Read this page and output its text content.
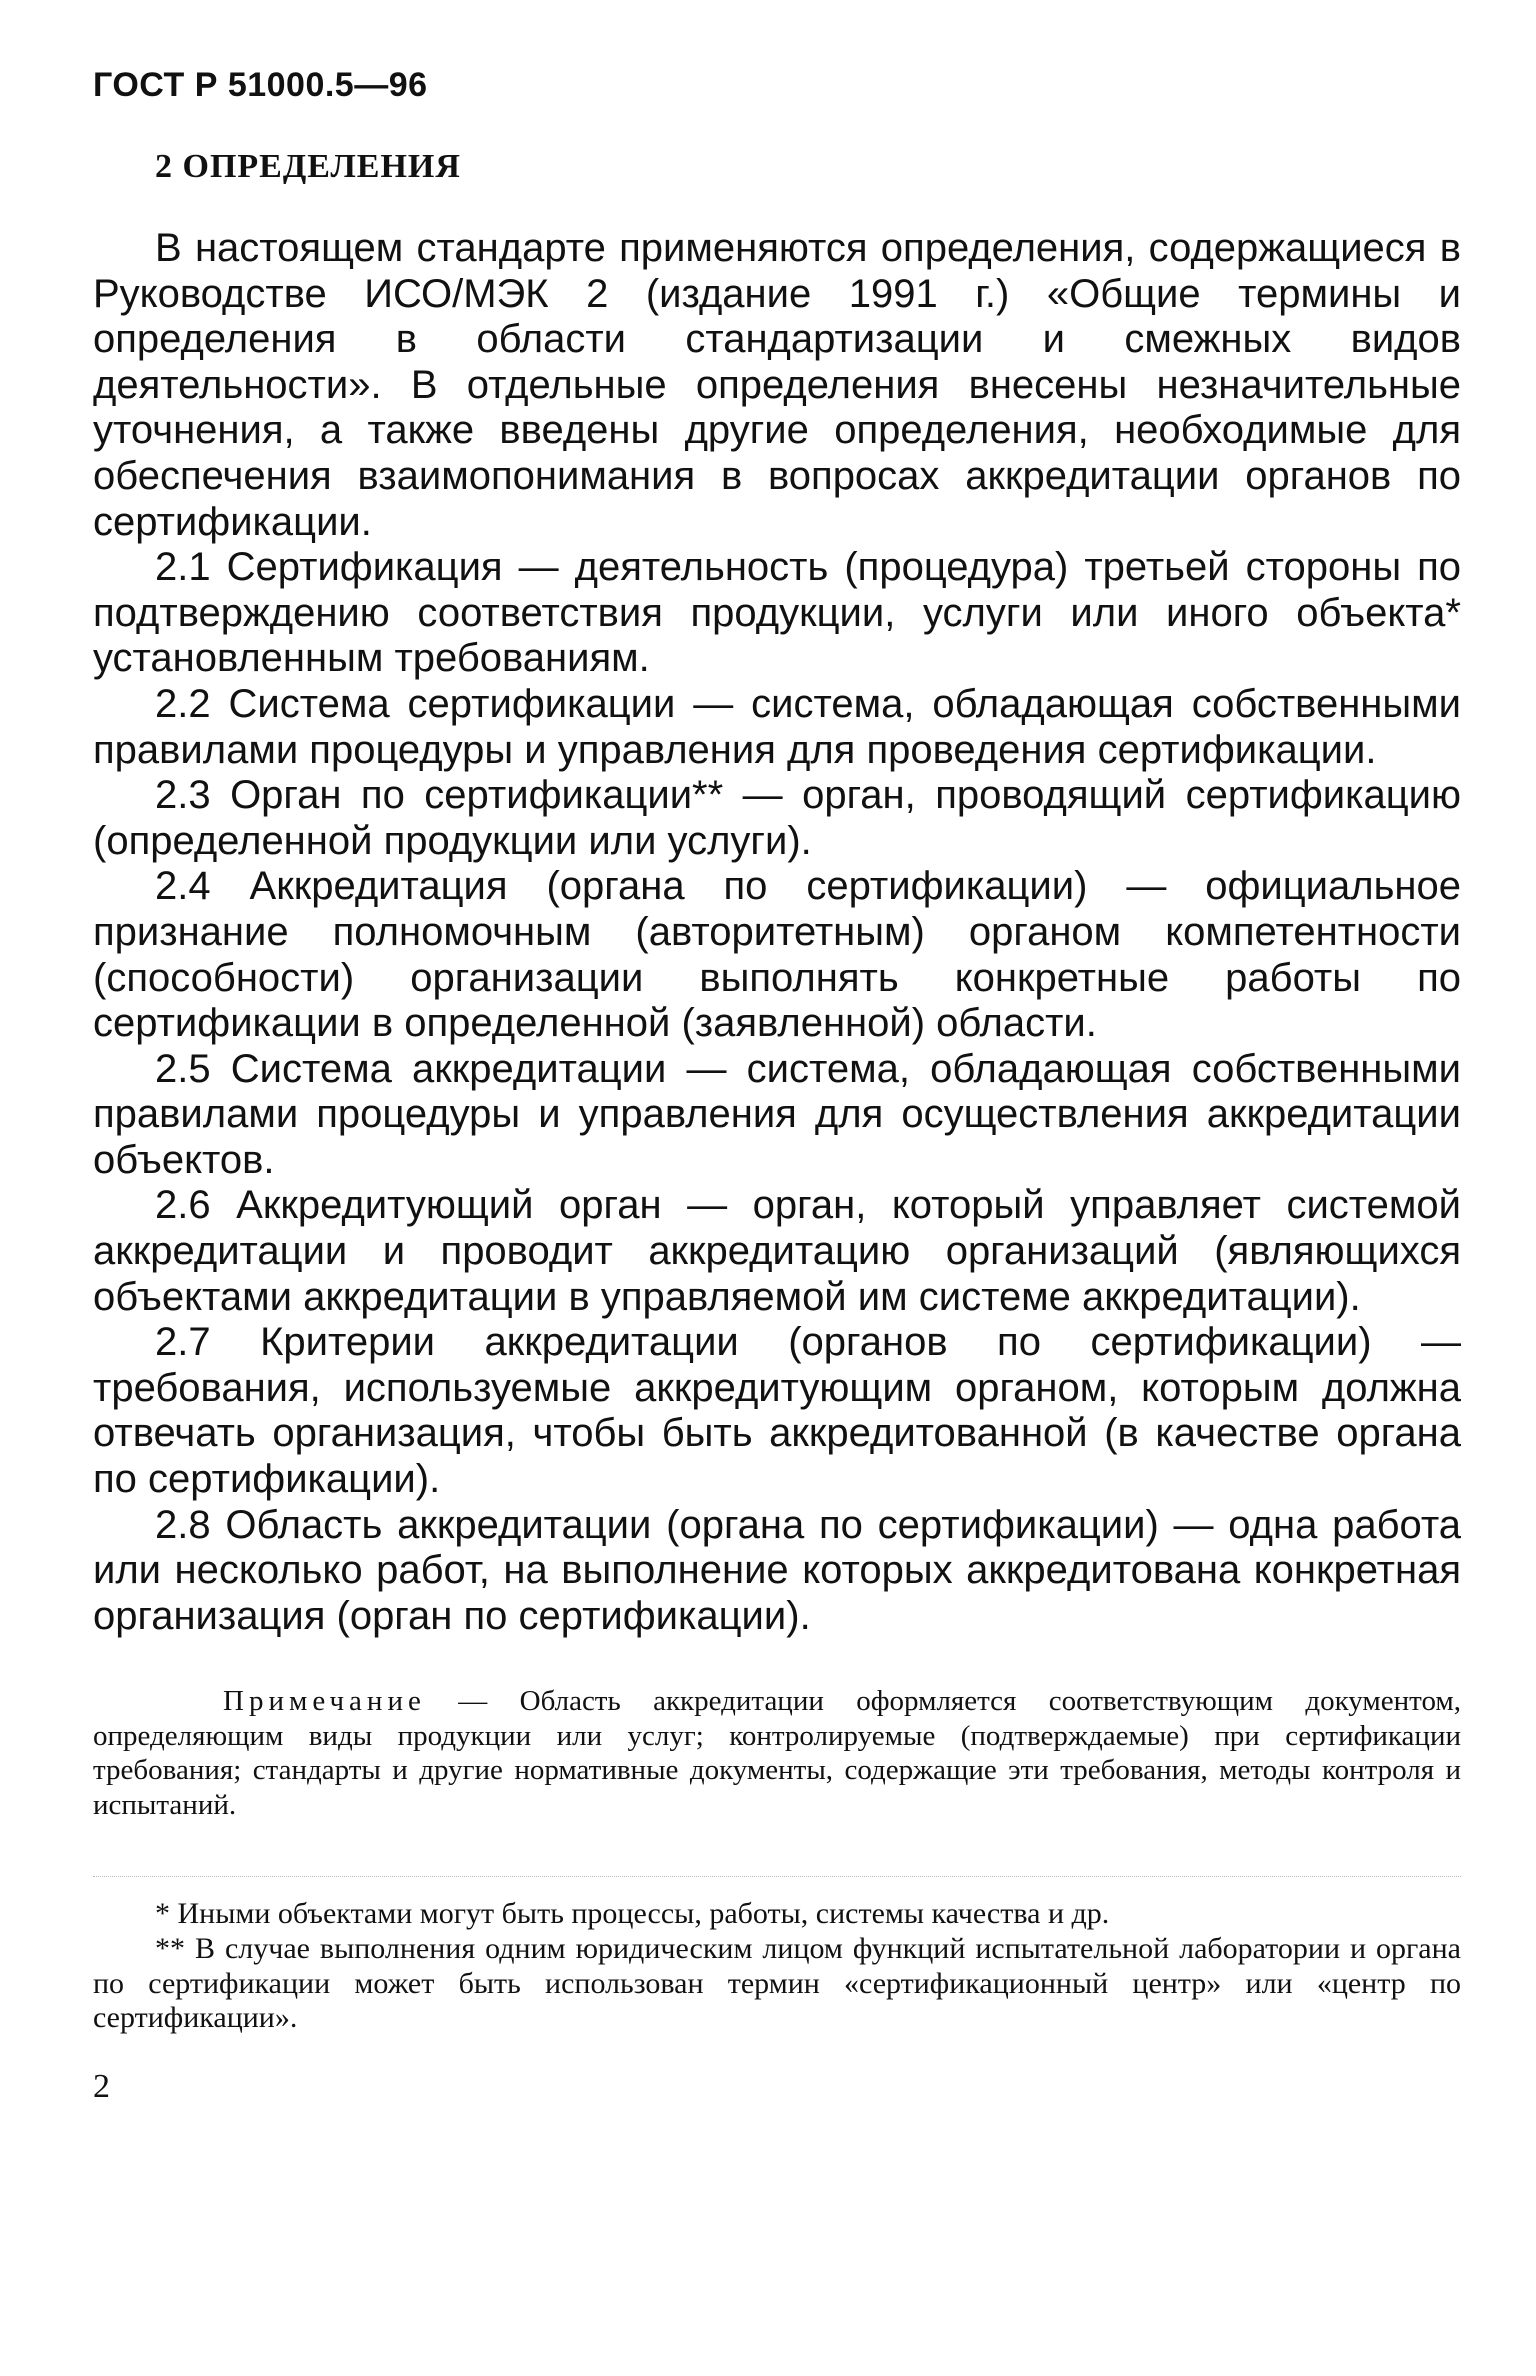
ГОСТ Р 51000.5—96
2 ОПРЕДЕЛЕНИЯ

В настоящем стандарте применяются определения, содержащиеся в Руководстве ИСО/МЭК 2 (издание 1991 г.) «Общие термины и определения в области стандартизации и смежных видов деятельности». В отдельные определения внесены незначительные уточнения, а также введены другие определения, необходимые для обеспечения взаимопонимания в вопросах аккредитации органов по сертификации.

2.1 Сертификация — деятельность (процедура) третьей стороны по подтверждению соответствия продукции, услуги или иного объекта* установленным требованиям.

2.2 Система сертификации — система, обладающая собственными правилами процедуры и управления для проведения сертификации.

2.3 Орган по сертификации** — орган, проводящий сертификацию (определенной продукции или услуги).

2.4 Аккредитация (органа по сертификации) — официальное признание полномочным (авторитетным) органом компетентности (способности) организации выполнять конкретные работы по сертификации в определенной (заявленной) области.

2.5 Система аккредитации — система, обладающая собственными правилами процедуры и управления для осуществления аккредитации объектов.

2.6 Аккредитующий орган — орган, который управляет системой аккредитации и проводит аккредитацию организаций (являющихся объектами аккредитации в управляемой им системе аккредитации).

2.7 Критерии аккредитации (органов по сертификации) — требования, используемые аккредитующим органом, которым должна отвечать организация, чтобы быть аккредитованной (в качестве органа по сертификации).

2.8 Область аккредитации (органа по сертификации) — одна работа или несколько работ, на выполнение которых аккредитована конкретная организация (орган по сертификации).

Примечание — Область аккредитации оформляется соответствующим документом, определяющим виды продукции или услуг; контролируемые (подтверждаемые) при сертификации требования; стандарты и другие нормативные документы, содержащие эти требования, методы контроля и испытаний.

* Иными объектами могут быть процессы, работы, системы качества и др.

** В случае выполнения одним юридическим лицом функций испытательной лаборатории и органа по сертификации может быть использован термин «сертификационный центр» или «центр по сертификации».

2
